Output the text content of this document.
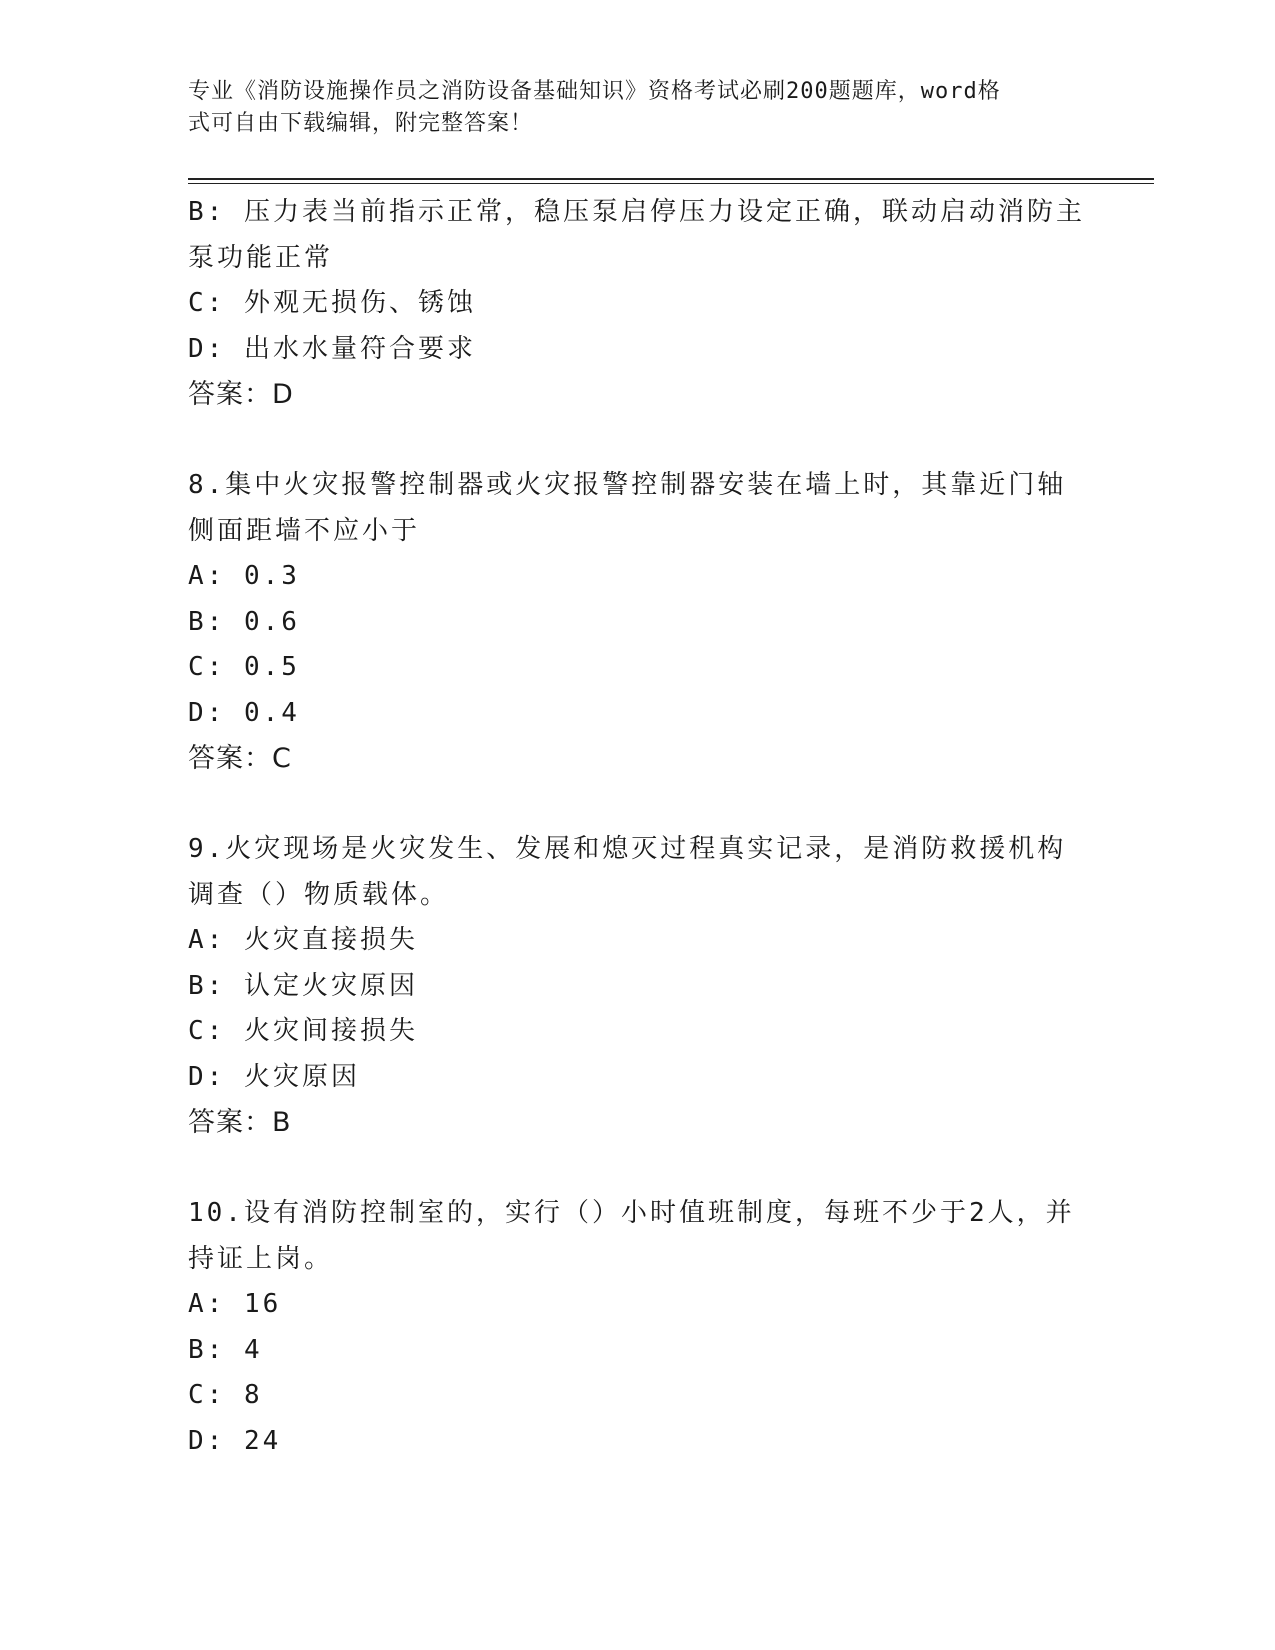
专业《消防设施操作员之消防设备基础知识》资格考试必刷200题题库，word格
式可自由下载编辑，附完整答案！
B: 压力表当前指示正常，稳压泵启停压力设定正确，联动启动消防主
泵功能正常
C: 外观无损伤、锈蚀
D: 出水水量符合要求
答案：D
8.集中火灾报警控制器或火灾报警控制器安装在墙上时，其靠近门轴
侧面距墙不应小于
A: 0.3
B: 0.6
C: 0.5
D: 0.4
答案：C
9.火灾现场是火灾发生、发展和熄灭过程真实记录，是消防救援机构
调查（）物质载体。
A: 火灾直接损失
B: 认定火灾原因
C: 火灾间接损失
D: 火灾原因
答案：B
10.设有消防控制室的，实行（）小时值班制度，每班不少于2人，并
持证上岗。
A: 16
B: 4
C: 8
D: 24
